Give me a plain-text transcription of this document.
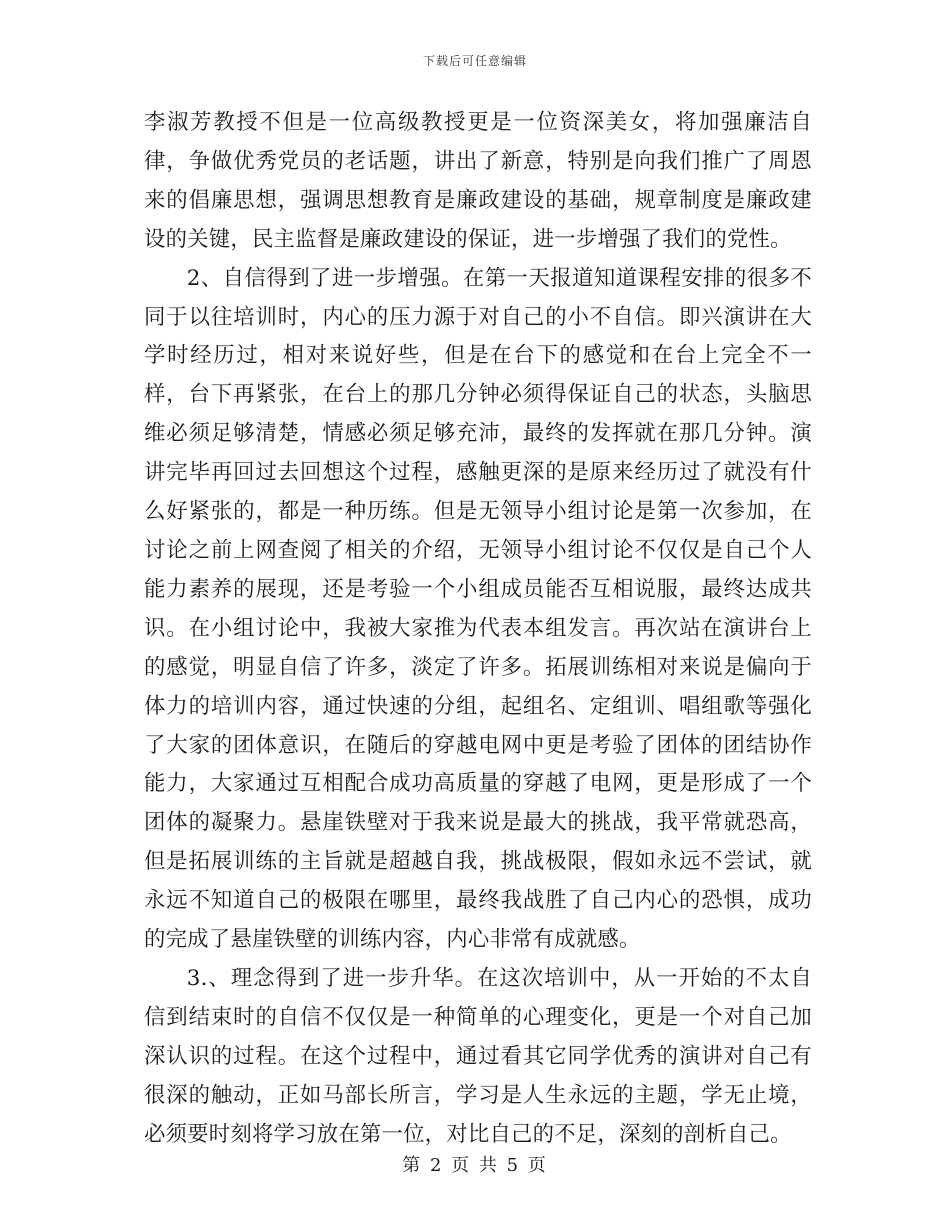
下载后可任意编辑

李淑芳教授不但是一位高级教授更是一位资深美女，将加强廉洁自律，争做优秀党员的老话题，讲出了新意，特别是向我们推广了周恩来的倡廉思想，强调思想教育是廉政建设的基础，规章制度是廉政建设的关键，民主监督是廉政建设的保证，进一步增强了我们的党性。

2、自信得到了进一步增强。在第一天报道知道课程安排的很多不同于以往培训时，内心的压力源于对自己的小不自信。即兴演讲在大学时经历过，相对来说好些，但是在台下的感觉和在台上完全不一样，台下再紧张，在台上的那几分钟必须得保证自己的状态，头脑思维必须足够清楚，情感必须足够充沛，最终的发挥就在那几分钟。演讲完毕再回过去回想这个过程，感触更深的是原来经历过了就没有什么好紧张的，都是一种历练。但是无领导小组讨论是第一次参加，在讨论之前上网查阅了相关的介绍，无领导小组讨论不仅仅是自己个人能力素养的展现，还是考验一个小组成员能否互相说服，最终达成共识。在小组讨论中，我被大家推为代表本组发言。再次站在演讲台上的感觉，明显自信了许多，淡定了许多。拓展训练相对来说是偏向于体力的培训内容，通过快速的分组，起组名、定组训、唱组歌等强化了大家的团体意识，在随后的穿越电网中更是考验了团体的团结协作能力，大家通过互相配合成功高质量的穿越了电网，更是形成了一个团体的凝聚力。悬崖铁壁对于我来说是最大的挑战，我平常就恐高，但是拓展训练的主旨就是超越自我，挑战极限，假如永远不尝试，就永远不知道自己的极限在哪里，最终我战胜了自己内心的恐惧，成功的完成了悬崖铁壁的训练内容，内心非常有成就感。

3.、理念得到了进一步升华。在这次培训中，从一开始的不太自信到结束时的自信不仅仅是一种简单的心理变化，更是一个对自己加深认识的过程。在这个过程中，通过看其它同学优秀的演讲对自己有很深的触动，正如马部长所言，学习是人生永远的主题，学无止境，必须要时刻将学习放在第一位，对比自己的不足，深刻的剖析自己。

第 2 页 共 5 页
